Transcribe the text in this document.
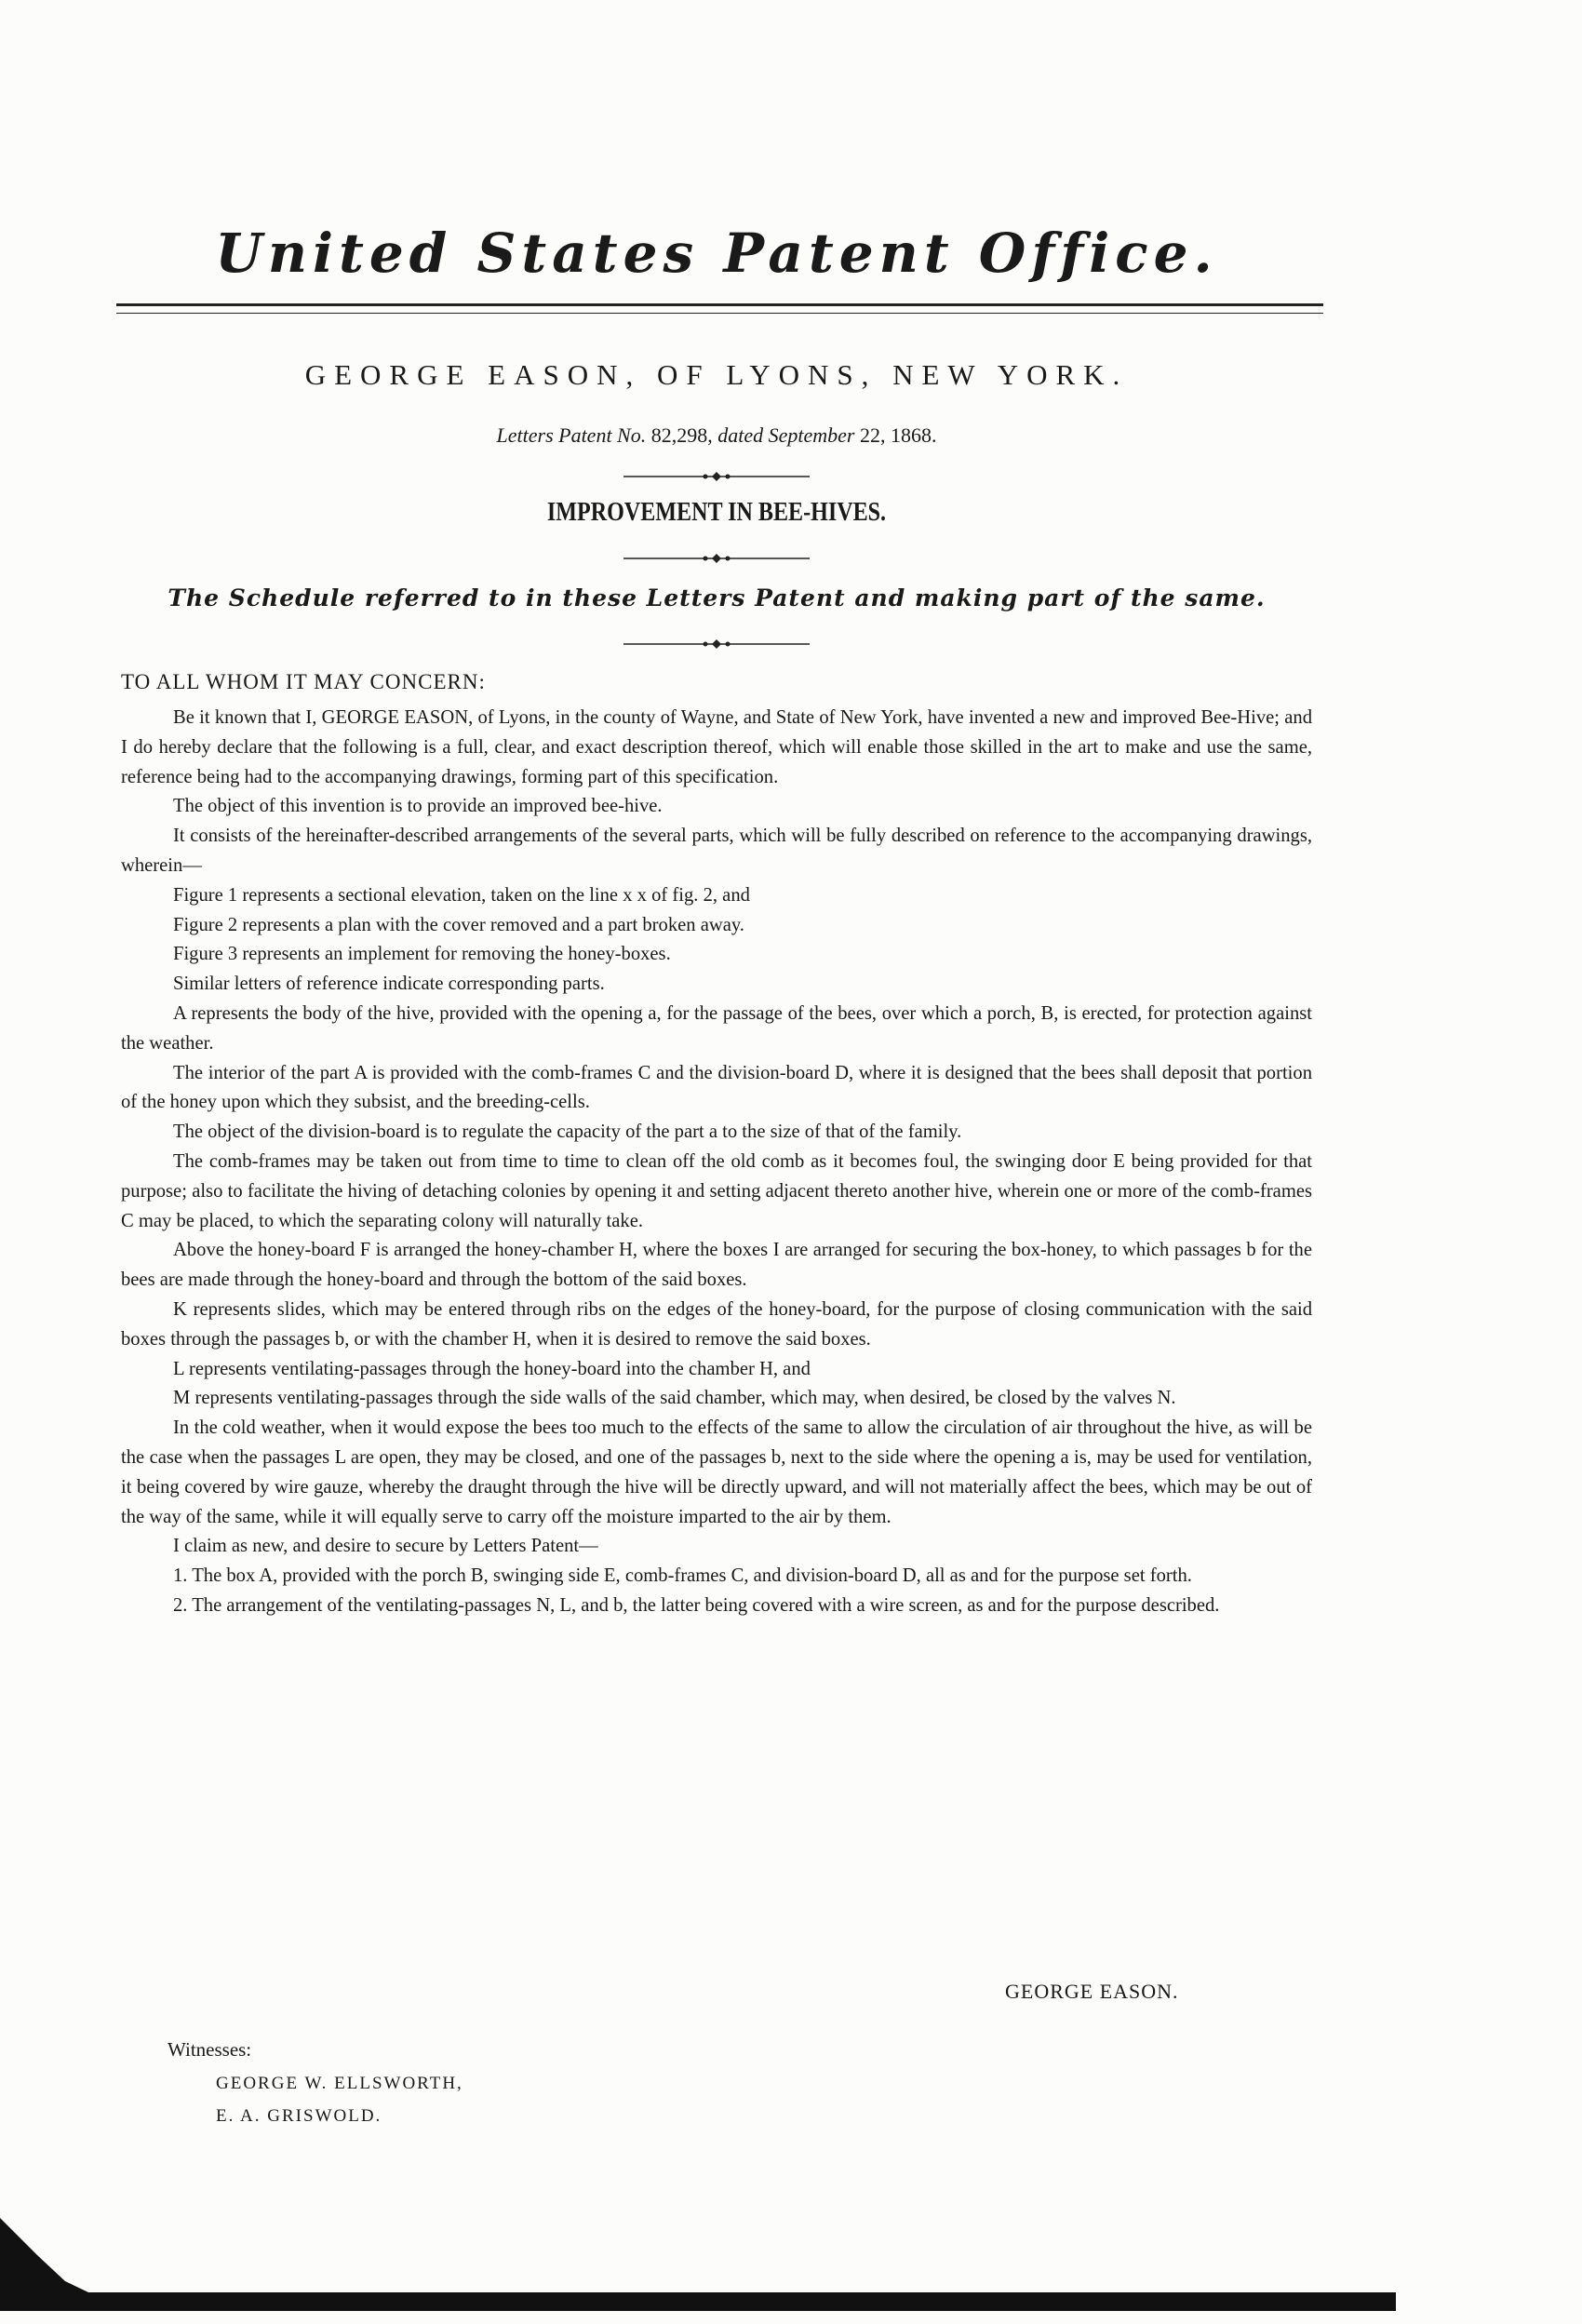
United States Patent Office.
GEORGE EASON, OF LYONS, NEW YORK.
Letters Patent No. 82,298, dated September 22, 1868.
IMPROVEMENT IN BEE-HIVES.
The Schedule referred to in these Letters Patent and making part of the same.
TO ALL WHOM IT MAY CONCERN:

Be it known that I, GEORGE EASON, of Lyons, in the county of Wayne, and State of New York, have invented a new and improved Bee-Hive; and I do hereby declare that the following is a full, clear, and exact description thereof, which will enable those skilled in the art to make and use the same, reference being had to the accompanying drawings, forming part of this specification.

The object of this invention is to provide an improved bee-hive.

It consists of the hereinafter-described arrangements of the several parts, which will be fully described on reference to the accompanying drawings, wherein—

Figure 1 represents a sectional elevation, taken on the line x x of fig. 2, and

Figure 2 represents a plan with the cover removed and a part broken away.

Figure 3 represents an implement for removing the honey-boxes.

Similar letters of reference indicate corresponding parts.

A represents the body of the hive, provided with the opening a, for the passage of the bees, over which a porch, B, is erected, for protection against the weather.

The interior of the part A is provided with the comb-frames C and the division-board D, where it is designed that the bees shall deposit that portion of the honey upon which they subsist, and the breeding-cells.

The object of the division-board is to regulate the capacity of the part a to the size of that of the family.

The comb-frames may be taken out from time to time to clean off the old comb as it becomes foul, the swinging door E being provided for that purpose; also to facilitate the hiving of detaching colonies by opening it and setting adjacent thereto another hive, wherein one or more of the comb-frames C may be placed, to which the separating colony will naturally take.

Above the honey-board F is arranged the honey-chamber H, where the boxes I are arranged for securing the box-honey, to which passages b for the bees are made through the honey-board and through the bottom of the said boxes.

K represents slides, which may be entered through ribs on the edges of the honey-board, for the purpose of closing communication with the said boxes through the passages b, or with the chamber H, when it is desired to remove the said boxes.

L represents ventilating-passages through the honey-board into the chamber H, and

M represents ventilating-passages through the side walls of the said chamber, which may, when desired, be closed by the valves N.

In the cold weather, when it would expose the bees too much to the effects of the same to allow the circulation of air throughout the hive, as will be the case when the passages L are open, they may be closed, and one of the passages b, next to the side where the opening a is, may be used for ventilation, it being covered by wire gauze, whereby the draught through the hive will be directly upward, and will not materially affect the bees, which may be out of the way of the same, while it will equally serve to carry off the moisture imparted to the air by them.

I claim as new, and desire to secure by Letters Patent—

1. The box A, provided with the porch B, swinging side E, comb-frames C, and division-board D, all as and for the purpose set forth.

2. The arrangement of the ventilating-passages N, L, and b, the latter being covered with a wire screen, as and for the purpose described.

GEORGE EASON.
Witnesses:
GEORGE W. ELLSWORTH,
E. A. GRISWOLD.
